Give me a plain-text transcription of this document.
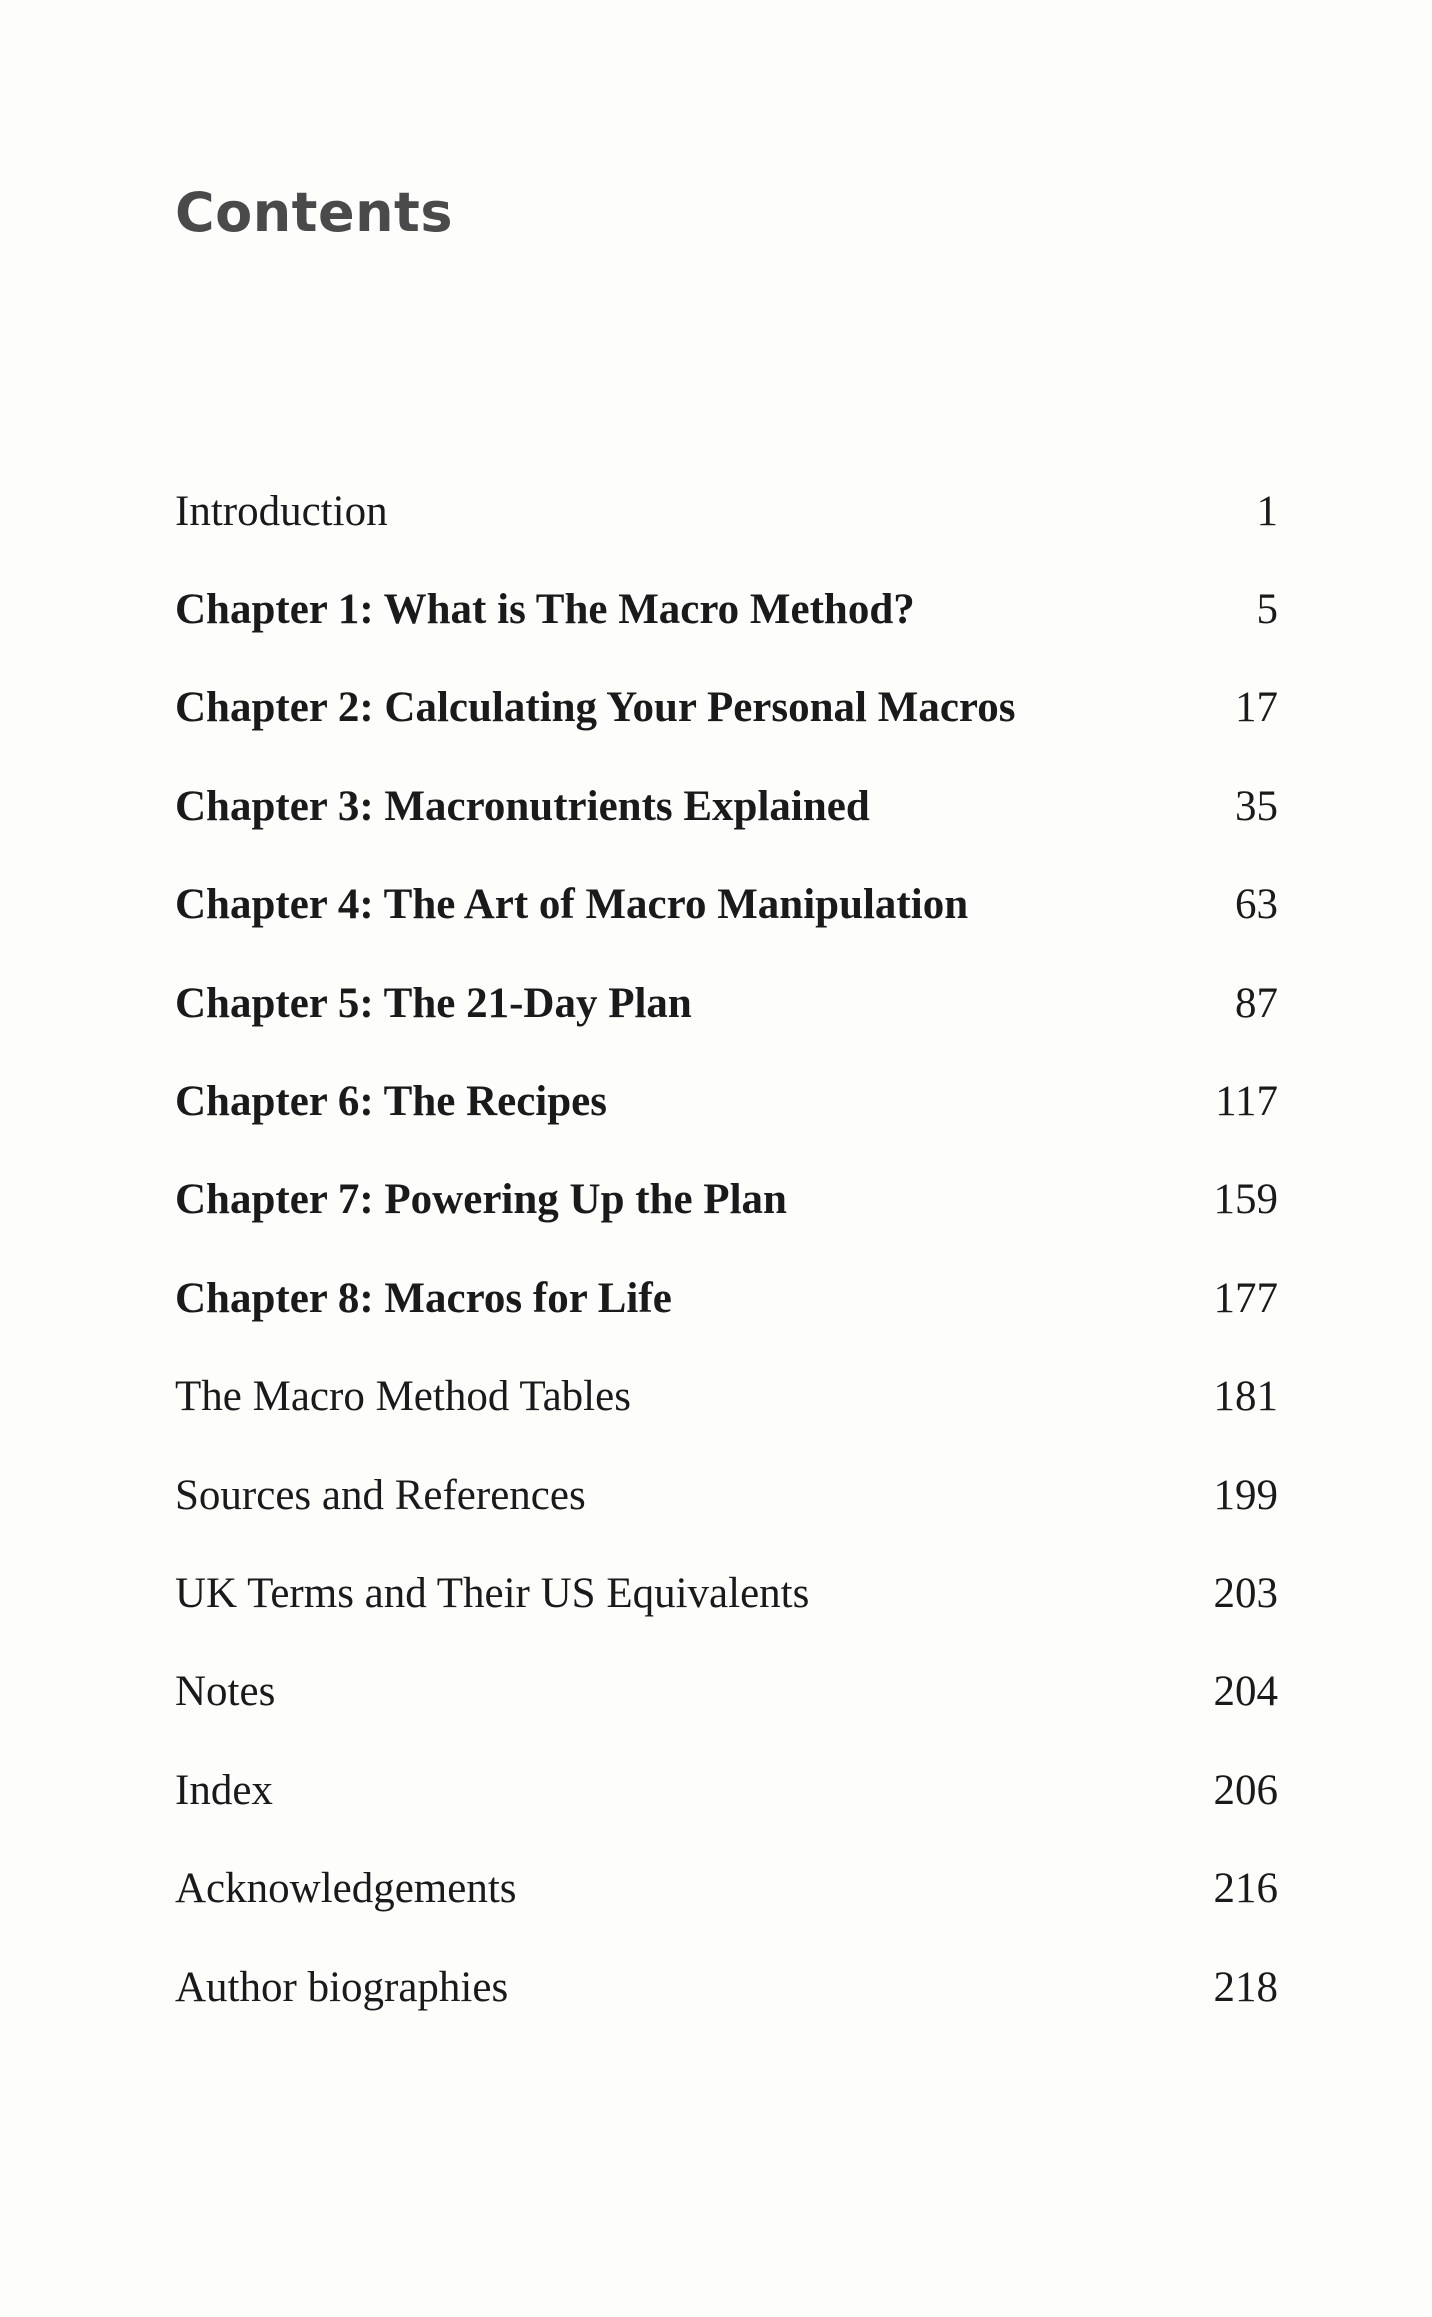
Contents
Introduction	1
Chapter 1: What is The Macro Method?	5
Chapter 2: Calculating Your Personal Macros	17
Chapter 3: Macronutrients Explained	35
Chapter 4: The Art of Macro Manipulation	63
Chapter 5: The 21-Day Plan	87
Chapter 6: The Recipes	117
Chapter 7: Powering Up the Plan	159
Chapter 8: Macros for Life	177
The Macro Method Tables	181
Sources and References	199
UK Terms and Their US Equivalents	203
Notes	204
Index	206
Acknowledgements	216
Author biographies	218
